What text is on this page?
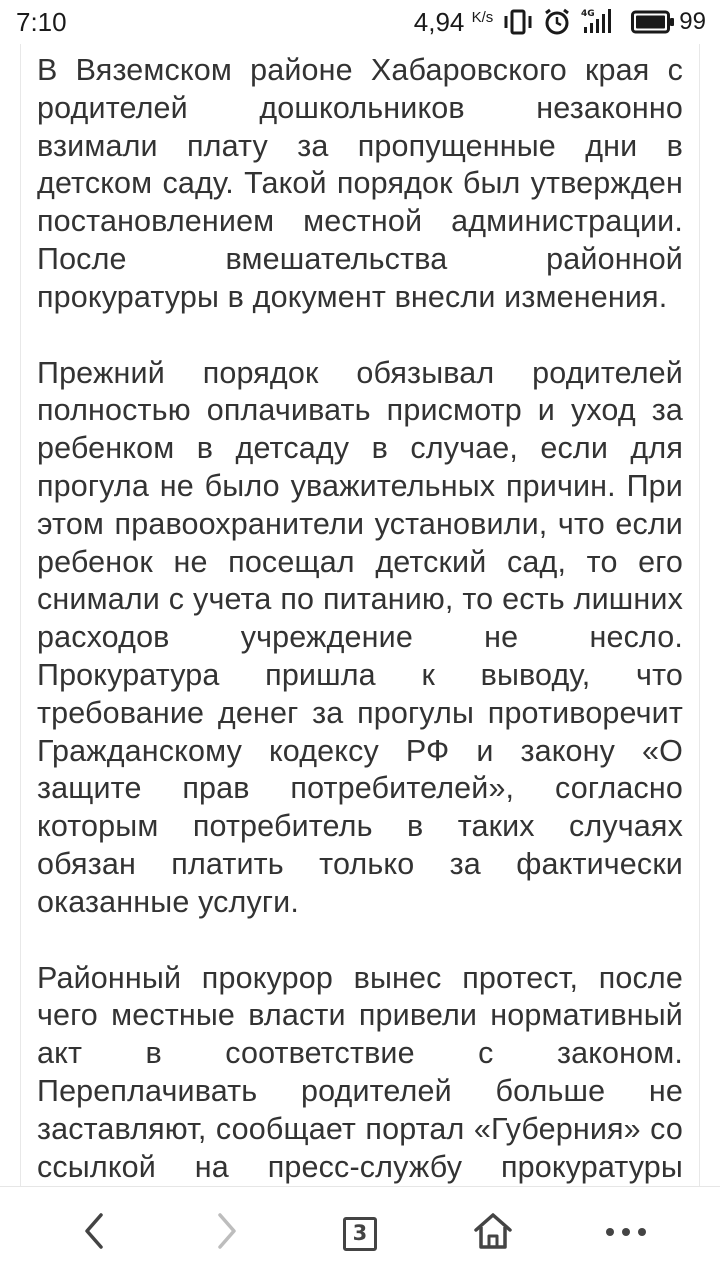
7:10	4,94 $^{K/s}$	4G	99

В Вяземском районе Хабаровского края с родителей дошкольников незаконно взимали плату за пропущенные дни в детском саду. Такой порядок был утвержден постановлением местной администрации. После вмешательства районной прокуратуры в документ внесли изменения.

Прежний порядок обязывал родителей полностью оплачивать присмотр и уход за ребенком в детсаду в случае, если для прогула не было уважительных причин. При этом правоохранители установили, что если ребенок не посещал детский сад, то его снимали с учета по питанию, то есть лишних расходов учреждение не несло. Прокуратура пришла к выводу, что требование денег за прогулы противоречит Гражданскому кодексу РФ и закону «О защите прав потребителей», согласно которым потребитель в таких случаях обязан платить только за фактически оказанные услуги.

Районный прокурор вынес протест, после чего местные власти привели нормативный акт в соответствие с законом. Переплачивать родителей больше не заставляют, сообщает портал «Губерния» со ссылкой на пресс-службу прокуратуры

3
